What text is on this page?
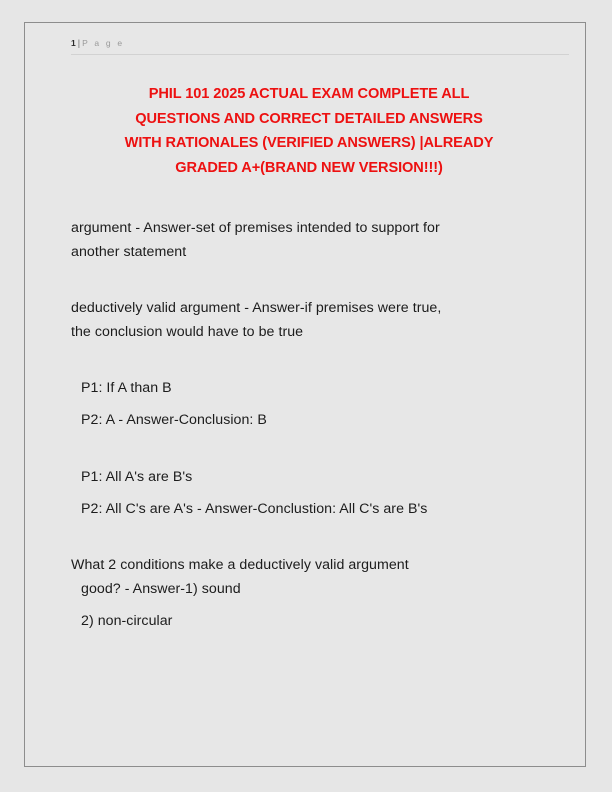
1 | P a g e
PHIL 101 2025 ACTUAL EXAM COMPLETE ALL
QUESTIONS AND CORRECT DETAILED ANSWERS
WITH RATIONALES (VERIFIED ANSWERS) |ALREADY
GRADED A+(BRAND NEW VERSION!!!)

argument - Answer-set of premises intended to support for

another statement

deductively valid argument - Answer-if premises were true,

the conclusion would have to be true

P1: If A than B

P2: A - Answer-Conclusion: B

P1: All A's are B's

P2: All C's are A's - Answer-Conclustion: All C's are B's

What 2 conditions make a deductively valid argument

good? - Answer-1) sound

2) non-circular
